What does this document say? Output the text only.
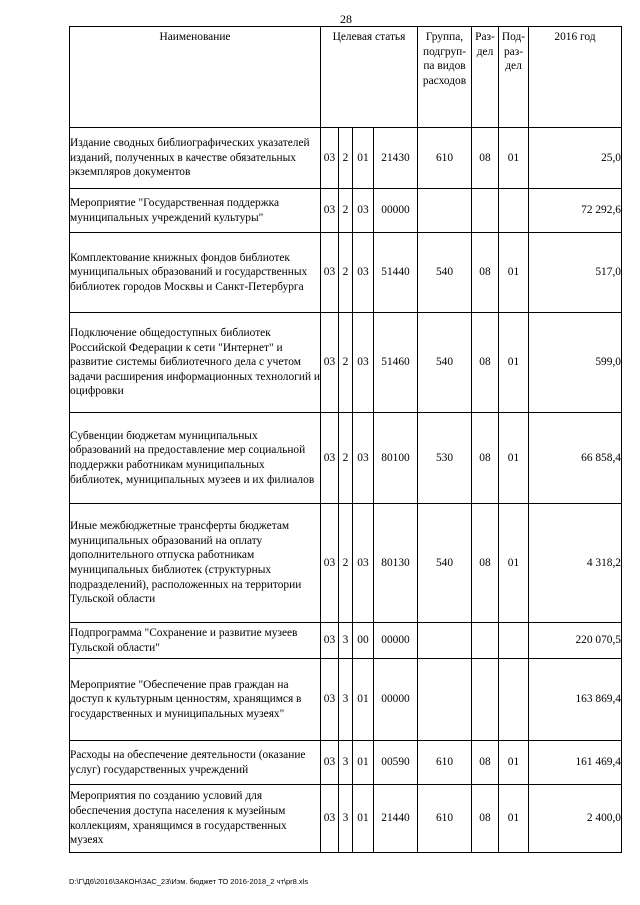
28
Наименование	Целевая статья				Группа, подгруп-па видов расходов	Раз-дел	Под-раз-дел	2016 год
Издание сводных библиографических указателей изданий, полученных в качестве обязательных экземпляров документов	03	2	01	21430	610	08	01	25,0
Мероприятие "Государственная поддержка муниципальных учреждений культуры"	03	2	03	00000				72 292,6
Комплектование книжных фондов библиотек муниципальных образований и государственных библиотек городов Москвы и Санкт-Петербурга	03	2	03	51440	540	08	01	517,0
Подключение общедоступных библиотек Российской Федерации к сети "Интернет" и развитие системы библиотечного дела с учетом задачи расширения информационных технологий и оцифровки	03	2	03	51460	540	08	01	599,0
Субвенции бюджетам муниципальных образований на предоставление мер социальной поддержки работникам муниципальных библиотек, муниципальных музеев и их филиалов	03	2	03	80100	530	08	01	66 858,4
Иные межбюджетные трансферты бюджетам муниципальных образований на оплату дополнительного отпуска работникам муниципальных библиотек (структурных подразделений), расположенных на территории Тульской области	03	2	03	80130	540	08	01	4 318,2
Подпрограмма "Сохранение и развитие музеев Тульской области"	03	3	00	00000				220 070,5
Мероприятие "Обеспечение прав граждан на доступ к культурным ценностям, хранящимся в государственных и муниципальных музеях"	03	3	01	00000				163 869,4
Расходы на обеспечение деятельности (оказание услуг) государственных учреждений	03	3	01	00590	610	08	01	161 469,4
Мероприятия по созданию условий для обеспечения доступа населения к музейным коллекциям, хранящимся в государственных музеях	03	3	01	21440	610	08	01	2 400,0
D:\Г\Д6\2016\ЗАКОН\ЗАС_23\Изм. бюджет ТО 2016-2018_2 чт\pr8.xls
